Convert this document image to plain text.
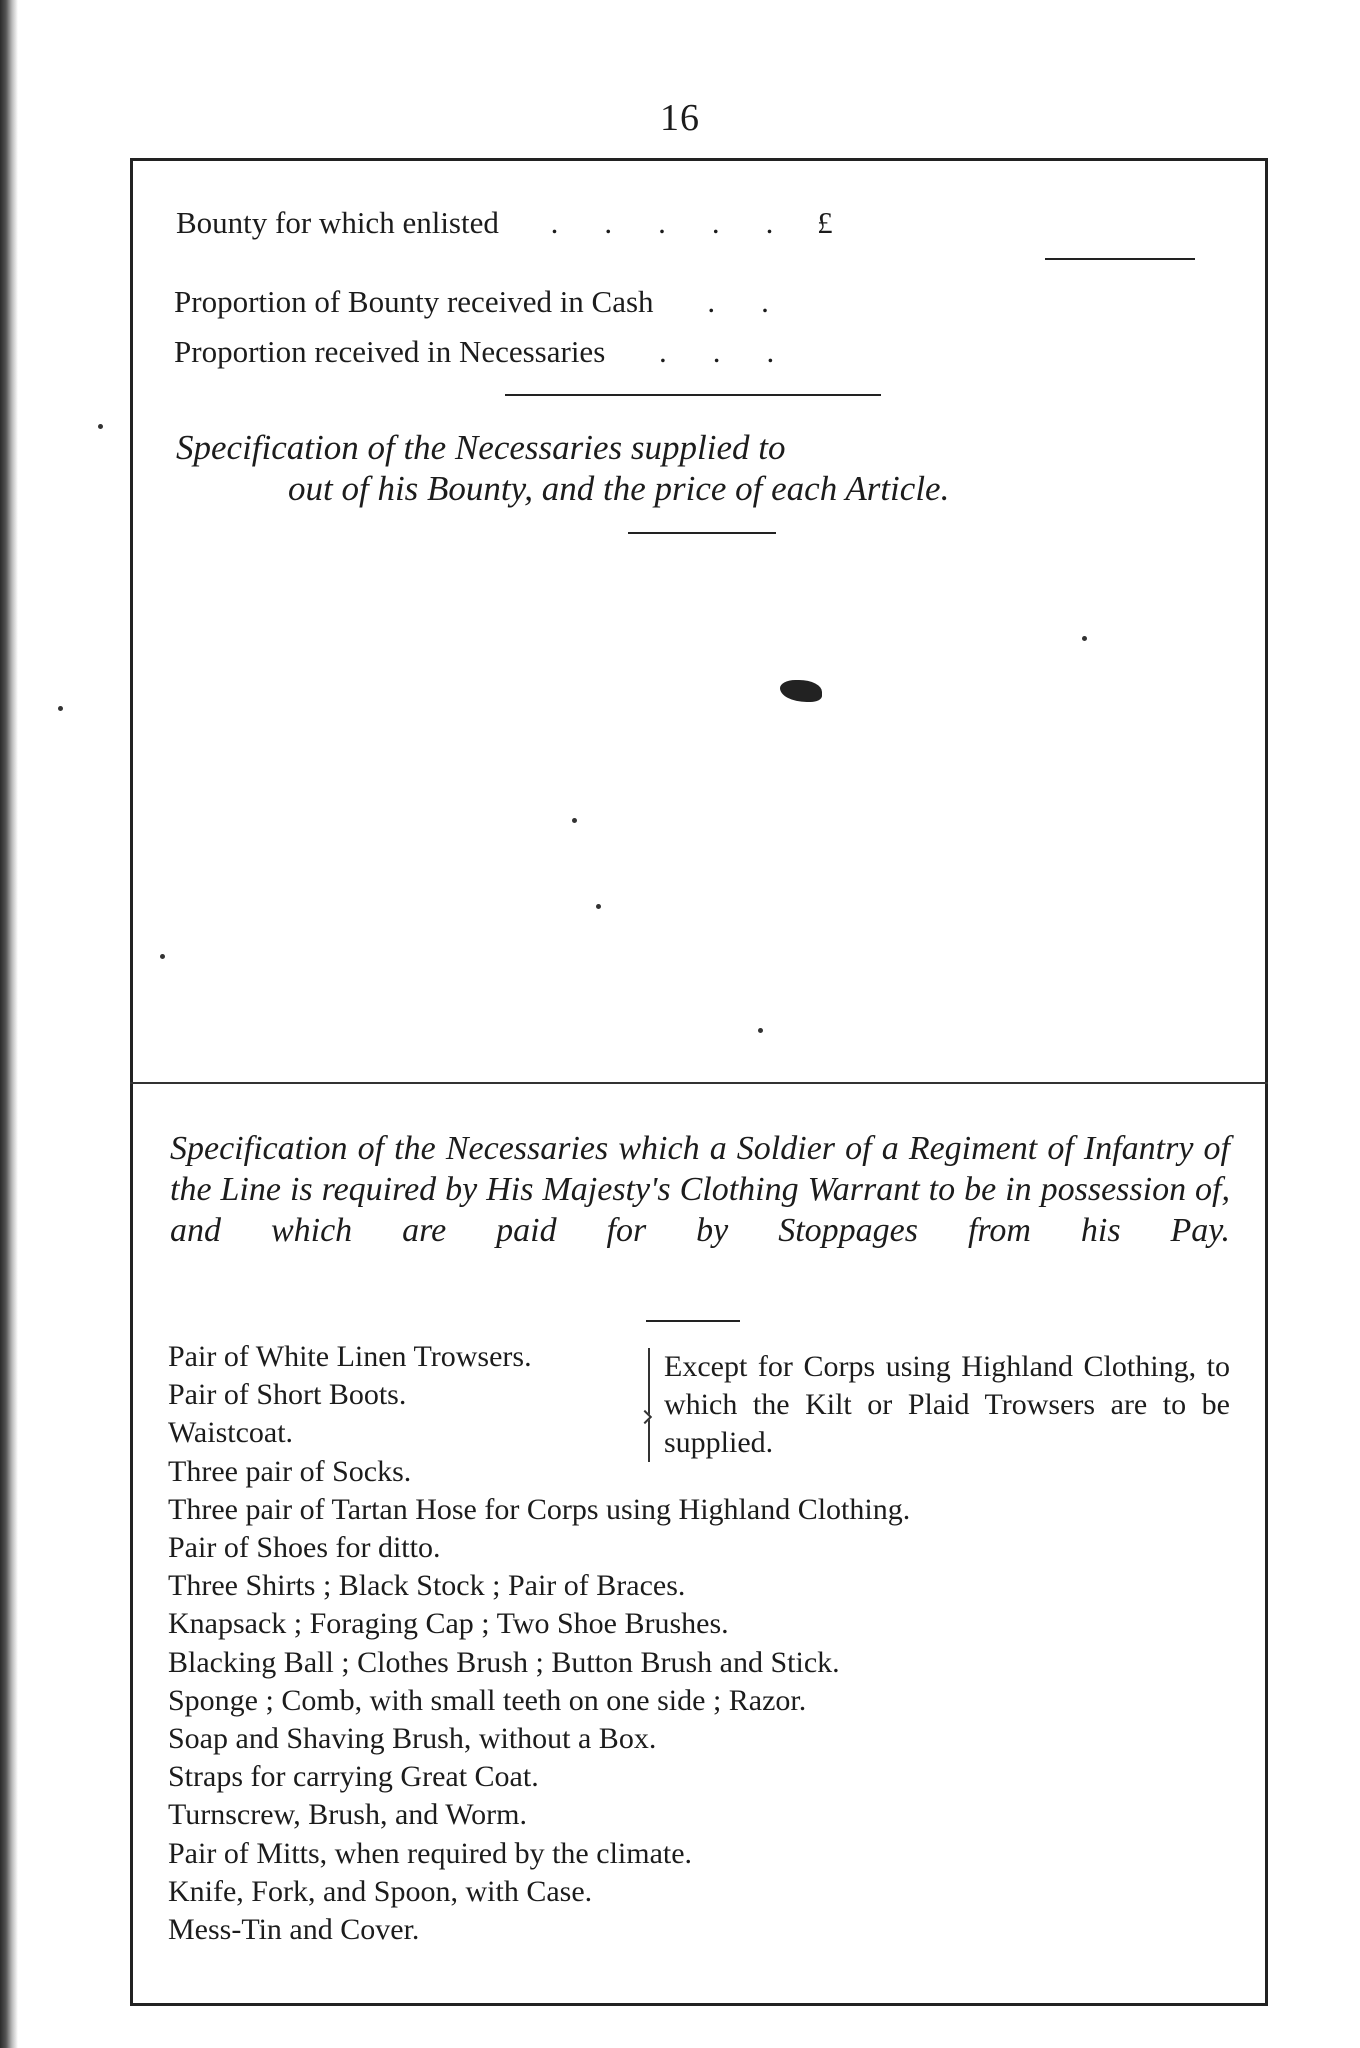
16
Bounty for which enlisted ..... £
Proportion of Bounty received in Cash ..
Proportion received in Necessaries ...
Specification of the Necessaries supplied to
out of his Bounty, and the price of each Article.
Specification of the Necessaries which a Soldier of a Regiment of Infantry of the Line is required by His Majesty's Clothing Warrant to be in possession of, and which are paid for by Stoppages from his Pay.
Pair of White Linen Trowsers.
Pair of Short Boots.
Waistcoat.
Three pair of Socks.
Three pair of Tartan Hose for Corps using Highland Clothing.
Pair of Shoes for ditto.
Three Shirts ; Black Stock ; Pair of Braces.
Knapsack ; Foraging Cap ; Two Shoe Brushes.
Blacking Ball ; Clothes Brush ; Button Brush and Stick.
Sponge ; Comb, with small teeth on one side ; Razor.
Soap and Shaving Brush, without a Box.
Straps for carrying Great Coat.
Turnscrew, Brush, and Worm.
Pair of Mitts, when required by the climate.
Knife, Fork, and Spoon, with Case.
Mess-Tin and Cover.
Except for Corps using Highland Clothing, to which the Kilt or Plaid Trowsers are to be supplied.
